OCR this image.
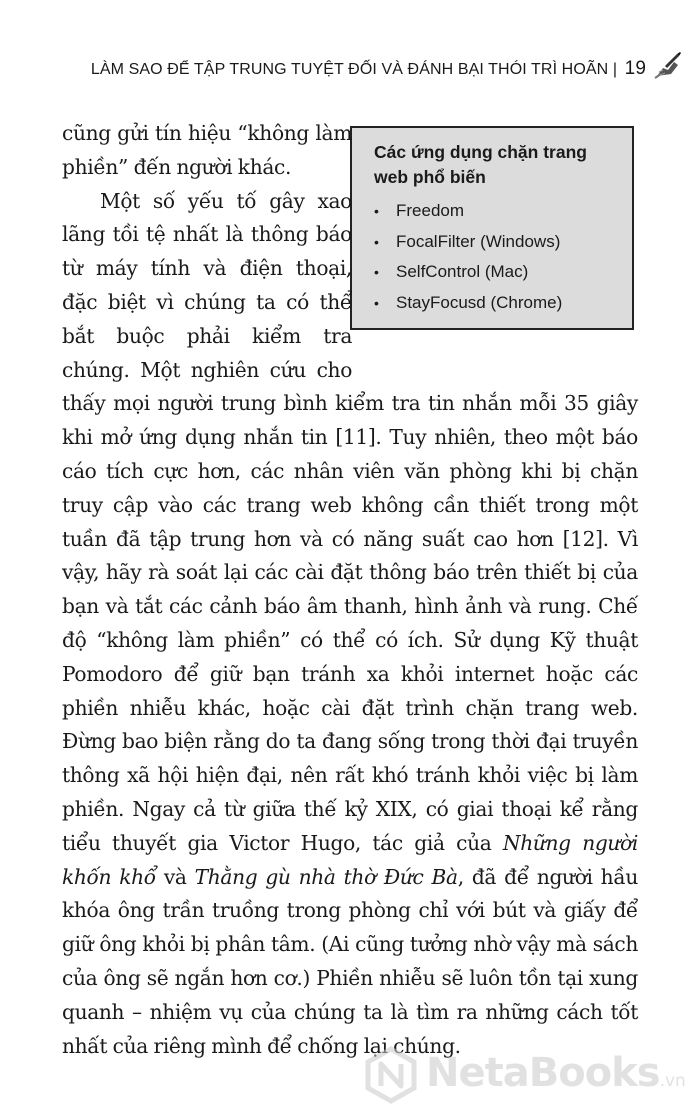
LÀM SAO ĐỂ TẬP TRUNG TUYỆT ĐỐI VÀ ĐÁNH BẠI THÓI TRÌ HOÃN | 19
Các ứng dụng chặn trang web phổ biến
• Freedom
• FocalFilter (Windows)
• SelfControl (Mac)
• StayFocusd (Chrome)

cũng gửi tín hiệu “không làm phiền” đến người khác.

Một số yếu tố gây xao lãng tồi tệ nhất là thông báo từ máy tính và điện thoại, đặc biệt vì chúng ta có thể bắt buộc phải kiểm tra chúng. Một nghiên cứu cho thấy mọi người trung bình kiểm tra tin nhắn mỗi 35 giây khi mở ứng dụng nhắn tin [11]. Tuy nhiên, theo một báo cáo tích cực hơn, các nhân viên văn phòng khi bị chặn truy cập vào các trang web không cần thiết trong một tuần đã tập trung hơn và có năng suất cao hơn [12]. Vì vậy, hãy rà soát lại các cài đặt thông báo trên thiết bị của bạn và tắt các cảnh báo âm thanh, hình ảnh và rung. Chế độ “không làm phiền” có thể có ích. Sử dụng Kỹ thuật Pomodoro để giữ bạn tránh xa khỏi internet hoặc các phiền nhiễu khác, hoặc cài đặt trình chặn trang web. Đừng bao biện rằng do ta đang sống trong thời đại truyền thông xã hội hiện đại, nên rất khó tránh khỏi việc bị làm phiền. Ngay cả từ giữa thế kỷ XIX, có giai thoại kể rằng tiểu thuyết gia Victor Hugo, tác giả của Những người khốn khổ và Thằng gù nhà thờ Đức Bà, đã để người hầu khóa ông trần truồng trong phòng chỉ với bút và giấy để giữ ông khỏi bị phân tâm. (Ai cũng tưởng nhờ vậy mà sách của ông sẽ ngắn hơn cơ.) Phiền nhiễu sẽ luôn tồn tại xung quanh – nhiệm vụ của chúng ta là tìm ra những cách tốt nhất của riêng mình để chống lại chúng.

NetaBooks.vn
